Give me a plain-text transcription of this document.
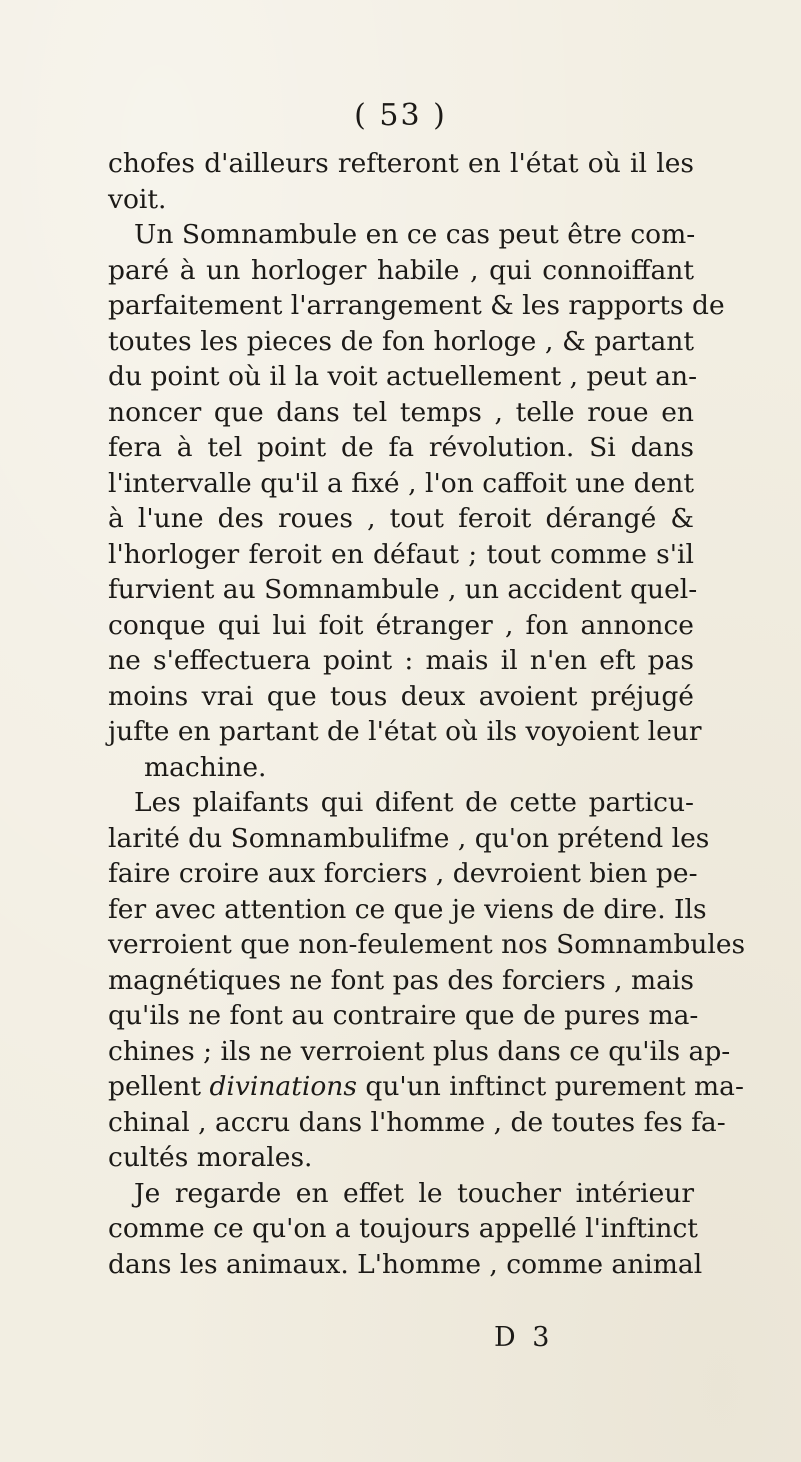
( 53 )
chofes d'ailleurs refteront en l'état où il les
voit.
Un Somnambule en ce cas peut être com-
paré à un horloger habile , qui connoiffant
parfaitement l'arrangement & les rapports de
toutes les pieces de fon horloge , & partant
du point où il la voit actuellement , peut an-
noncer que dans tel temps , telle roue en
fera à tel point de fa révolution. Si dans
l'intervalle qu'il a fixé , l'on caffoit une dent
à l'une des roues , tout feroit dérangé &
l'horloger feroit en défaut ; tout comme s'il
furvient au Somnambule , un accident quel-
conque qui lui foit étranger , fon annonce
ne s'effectuera point : mais il n'en eft pas
moins vrai que tous deux avoient préjugé
jufte en partant de l'état où ils voyoient leur
machine.
Les plaifants qui difent de cette particu-
larité du Somnambulifme , qu'on prétend les
faire croire aux forciers , devroient bien pe-
fer avec attention ce que je viens de dire. Ils
verroient que non-feulement nos Somnambules
magnétiques ne font pas des forciers , mais
qu'ils ne font au contraire que de pures ma-
chines ; ils ne verroient plus dans ce qu'ils ap-
pellent divinations qu'un inftinct purement ma-
chinal , accru dans l'homme , de toutes fes fa-
cultés morales.
Je regarde en effet le toucher intérieur
comme ce qu'on a toujours appellé l'inftinct
dans les animaux. L'homme , comme animal
D 3
